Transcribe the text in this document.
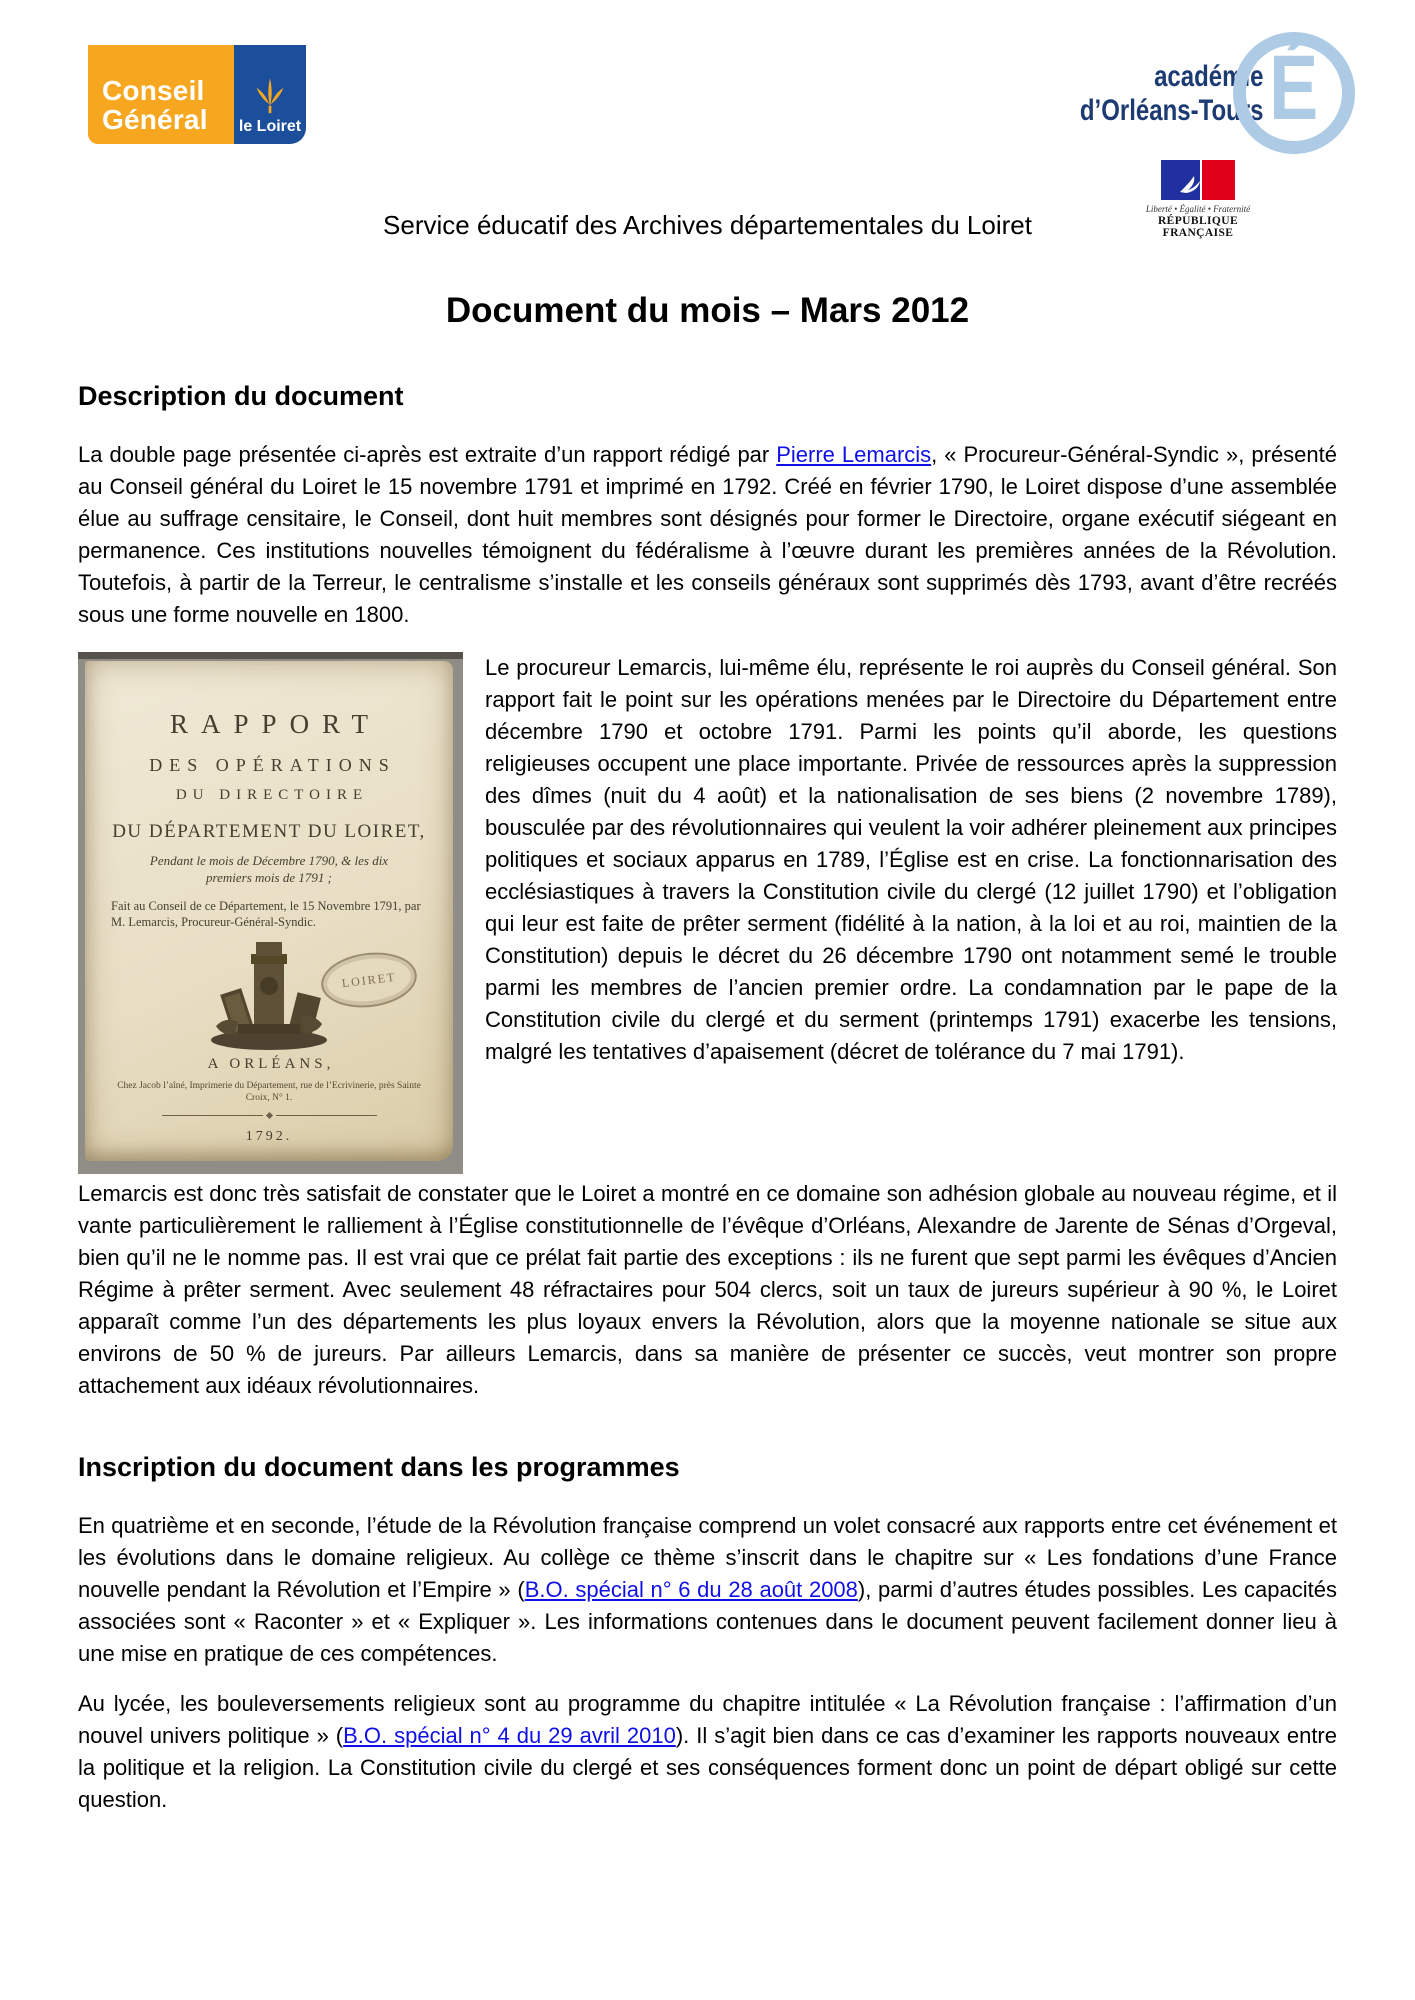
Conseil
Général	le Loiret
académie
d’Orléans-Tours É
Liberté • Égalité • Fraternité
RÉPUBLIQUE FRANÇAISE
Service éducatif des Archives départementales du Loiret
Document du mois – Mars 2012
Description du document

La double page présentée ci-après est extraite d’un rapport rédigé par Pierre Lemarcis, « Procureur-Général-Syndic », présenté au Conseil général du Loiret le 15 novembre 1791 et imprimé en 1792. Créé en février 1790, le Loiret dispose d’une assemblée élue au suffrage censitaire, le Conseil, dont huit membres sont désignés pour former le Directoire, organe exécutif siégeant en permanence. Ces institutions nouvelles témoignent du fédéralisme à l’œuvre durant les premières années de la Révolution. Toutefois, à partir de la Terreur, le centralisme s’installe et les conseils généraux sont supprimés dès 1793, avant d’être recréés sous une forme nouvelle en 1800.

RAPPORT
DES OPÉRATIONS
DU DIRECTOIRE
DU DÉPARTEMENT DU LOIRET,
Pendant le mois de Décembre 1790, & les dix premiers mois de 1791 ;
Fait au Conseil de ce Département, le 15 Novembre 1791, par M. Lemarcis, Procureur-Général-Syndic.
LOIRET
A ORLÉANS,
Chez Jacob l’aîné, Imprimerie du Département, rue de l’Ecrivinerie, près Sainte Croix, N° 1.
1792.

Le procureur Lemarcis, lui-même élu, représente le roi auprès du Conseil général. Son rapport fait le point sur les opérations menées par le Directoire du Département entre décembre 1790 et octobre 1791. Parmi les points qu’il aborde, les questions religieuses occupent une place importante. Privée de ressources après la suppression des dîmes (nuit du 4 août) et la nationalisation de ses biens (2 novembre 1789), bousculée par des révolutionnaires qui veulent la voir adhérer pleinement aux principes politiques et sociaux apparus en 1789, l’Église est en crise. La fonctionnarisation des ecclésiastiques à travers la Constitution civile du clergé (12 juillet 1790) et l’obligation qui leur est faite de prêter serment (fidélité à la nation, à la loi et au roi, maintien de la Constitution) depuis le décret du 26 décembre 1790 ont notamment semé le trouble parmi les membres de l’ancien premier ordre. La condamnation par le pape de la Constitution civile du clergé et du serment (printemps 1791) exacerbe les tensions, malgré les tentatives d’apaisement (décret de tolérance du 7 mai 1791).

Lemarcis est donc très satisfait de constater que le Loiret a montré en ce domaine son adhésion globale au nouveau régime, et il vante particulièrement le ralliement à l’Église constitutionnelle de l’évêque d’Orléans, Alexandre de Jarente de Sénas d’Orgeval, bien qu’il ne le nomme pas. Il est vrai que ce prélat fait partie des exceptions : ils ne furent que sept parmi les évêques d’Ancien Régime à prêter serment. Avec seulement 48 réfractaires pour 504 clercs, soit un taux de jureurs supérieur à 90 %, le Loiret apparaît comme l’un des départements les plus loyaux envers la Révolution, alors que la moyenne nationale se situe aux environs de 50 % de jureurs. Par ailleurs Lemarcis, dans sa manière de présenter ce succès, veut montrer son propre attachement aux idéaux révolutionnaires.

Inscription du document dans les programmes

En quatrième et en seconde, l’étude de la Révolution française comprend un volet consacré aux rapports entre cet événement et les évolutions dans le domaine religieux. Au collège ce thème s’inscrit dans le chapitre sur « Les fondations d’une France nouvelle pendant la Révolution et l’Empire » (B.O. spécial n° 6 du 28 août 2008), parmi d’autres études possibles. Les capacités associées sont « Raconter » et « Expliquer ». Les informations contenues dans le document peuvent facilement donner lieu à une mise en pratique de ces compétences.

Au lycée, les bouleversements religieux sont au programme du chapitre intitulée « La Révolution française : l’affirmation d’un nouvel univers politique » (B.O. spécial n° 4 du 29 avril 2010). Il s’agit bien dans ce cas d’examiner les rapports nouveaux entre la politique et la religion. La Constitution civile du clergé et ses conséquences forment donc un point de départ obligé sur cette question.
